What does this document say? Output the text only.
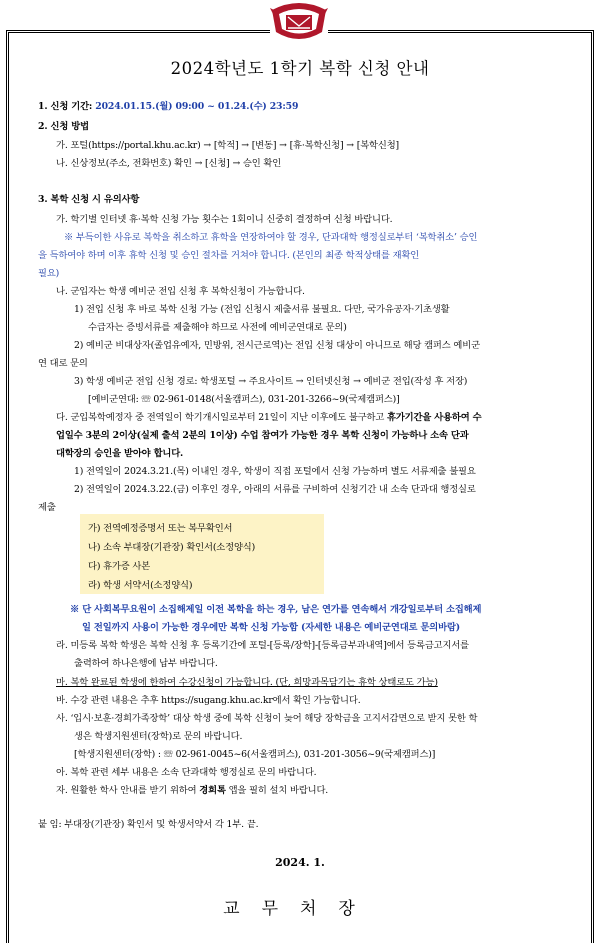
2024학년도 1학기 복학 신청 안내
1. 신청 기간: 2024.01.15.(월) 09:00 ~ 01.24.(수) 23:59
2. 신청 방법
가. 포털(https://portal.khu.ac.kr) → [학적] → [변동] → [휴·복학신청] → [복학신청]
나. 신상정보(주소, 전화번호) 확인 → [신청] → 승인 확인
3. 복학 신청 시 유의사항
가. 학기별 인터넷 휴·복학 신청 가능 횟수는 1회이니 신중히 결정하여 신청 바랍니다.
※ 부득이한 사유로 복학을 취소하고 휴학을 연장하여야 할 경우, 단과대학 행정실로부터 ‘복학취소’ 승인
을 득하여야 하며 이후 휴학 신청 및 승인 절차를 거쳐야 합니다. (본인의 최종 학적상태를 재확인
필요)
나. 군입자는 학생 예비군 전입 신청 후 복학신청이 가능합니다.
1) 전입 신청 후 바로 복학 신청 가능 (전입 신청시 제출서류 불필요. 다만, 국가유공자·기초생활
수급자는 증빙서류를 제출해야 하므로 사전에 예비군연대로 문의)
2) 예비군 비대상자(졸업유예자, 민방위, 전시근로역)는 전입 신청 대상이 아니므로 해당 캠퍼스 예비군
연 대로 문의
3) 학생 예비군 전입 신청 경로: 학생포털 → 주요사이트 → 인터넷신청 → 예비군 전입(작성 후 저장)
[예비군연대: ☏ 02-961-0148(서울캠퍼스), 031-201-3266~9(국제캠퍼스)]
다. 군입복학예정자 중 전역일이 학기개시일로부터 21일이 지난 이후에도 불구하고 휴가기간을 사용하여 수
업일수 3분의 2이상(실제 출석 2분의 1이상) 수업 참여가 가능한 경우 복학 신청이 가능하나 소속 단과
대학장의 승인을 받아야 합니다.
1) 전역일이 2024.3.21.(목) 이내인 경우, 학생이 직접 포털에서 신청 가능하며 별도 서류제출 불필요
2) 전역일이 2024.3.22.(금) 이후인 경우, 아래의 서류를 구비하여 신청기간 내 소속 단과대 행정실로
제출
가) 전역예정증명서 또는 복무확인서
나) 소속 부대장(기관장) 확인서(소정양식)
다) 휴가증 사본
라) 학생 서약서(소정양식)
※ 단 사회복무요원이 소집해제일 이전 복학을 하는 경우, 남은 연가를 연속해서 개강일로부터 소집해제
일 전일까지 사용이 가능한 경우에만 복학 신청 가능함 (자세한 내용은 예비군연대로 문의바람)
라. 미등록 복학 학생은 복학 신청 후 등록기간에 포털-[등록/장학]-[등록금부과내역]에서 등록금고지서를
출력하여 하나은행에 납부 바랍니다.
마. 복학 완료된 학생에 한하여 수강신청이 가능합니다. (단, 희망과목담기는 휴학 상태로도 가능)
바. 수강 관련 내용은 추후 https://sugang.khu.ac.kr에서 확인 가능합니다.
사. ‘입시·보훈·경희가족장학’ 대상 학생 중에 복학 신청이 늦어 해당 장학금을 고지서감면으로 받지 못한 학
생은 학생지원센터(장학)로 문의 바랍니다.
[학생지원센터(장학) : ☏ 02-961-0045~6(서울캠퍼스), 031-201-3056~9(국제캠퍼스)]
아. 복학 관련 세부 내용은 소속 단과대학 행정실로 문의 바랍니다.
자. 원활한 학사 안내를 받기 위하여 경희톡 앱을 필히 설치 바랍니다.
붙 임: 부대장(기관장) 확인서 및 학생서약서 각 1부. 끝.
2024. 1.
교무처장
